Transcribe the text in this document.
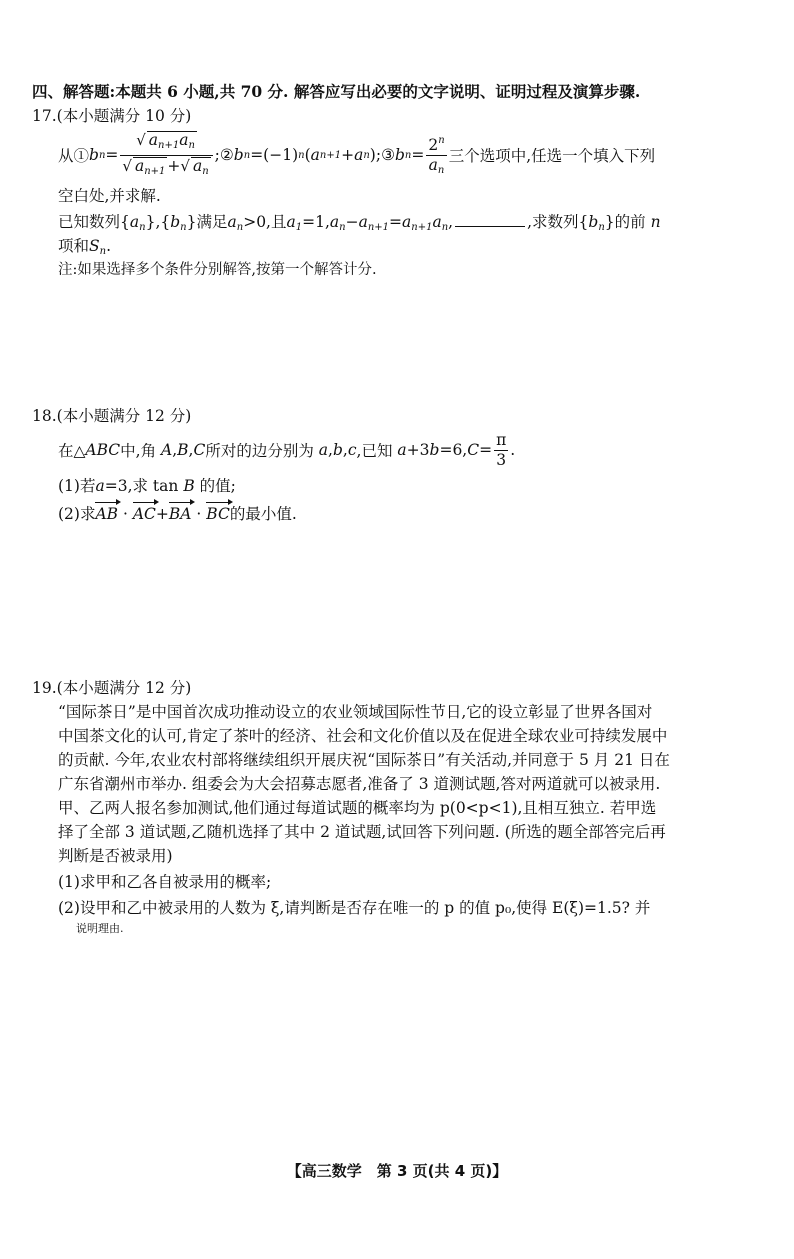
四、解答题:本题共 6 小题,共 70 分. 解答应写出必要的文字说明、证明过程及演算步骤.
17.(本小题满分 10 分)
从① b $n = \frac{√ a_{n+1}a_n}{√ a_{n+1} +√ a_n}$ ;② b n =(−1) n ( a n+1 + a n ) ;③ b $n = \frac{2^n}{a_n}$ 三个选项中,任选一个填入下列
空白处,并求解.
已知数列$\{a_n\},\{b_n\}$满足$a_n>0$,且$a_1=1,a_n-a_{n+1}=a_{n+1}a_n$,	,求数列$\{b_n\}$的前 n
项和$S_n$.
注:如果选择多个条件分别解答,按第一个解答计分.
18.(本小题满分 12 分)
在△ ABC 中,角 A , B , C 所对的边分别为 a , b , c ,已知 a +3 b =6, $C = \frac{\pi}{3}$ .
(1)若a=3,求 tan B 的值;
(2)求AB · AC+BA · BC的最小值.
19.(本小题满分 12 分)
“国际茶日”是中国首次成功推动设立的农业领域国际性节日,它的设立彰显了世界各国对
中国茶文化的认可,肯定了茶叶的经济、社会和文化价值以及在促进全球农业可持续发展中
的贡献. 今年,农业农村部将继续组织开展庆祝“国际茶日”有关活动,并同意于 5 月 21 日在
广东省潮州市举办. 组委会为大会招募志愿者,准备了 3 道测试题,答对两道就可以被录用.
甲、乙两人报名参加测试,他们通过每道试题的概率均为 p(0<p<1),且相互独立. 若甲选
择了全部 3 道试题,乙随机选择了其中 2 道试题,试回答下列问题. (所选的题全部答完后再
判断是否被录用)
(1)求甲和乙各自被录用的概率;
(2)设甲和乙中被录用的人数为 ξ,请判断是否存在唯一的 p 的值 p₀,使得 E(ξ)=1.5? 并
说明理由.
【高三数学　第 3 页(共 4 页)】
